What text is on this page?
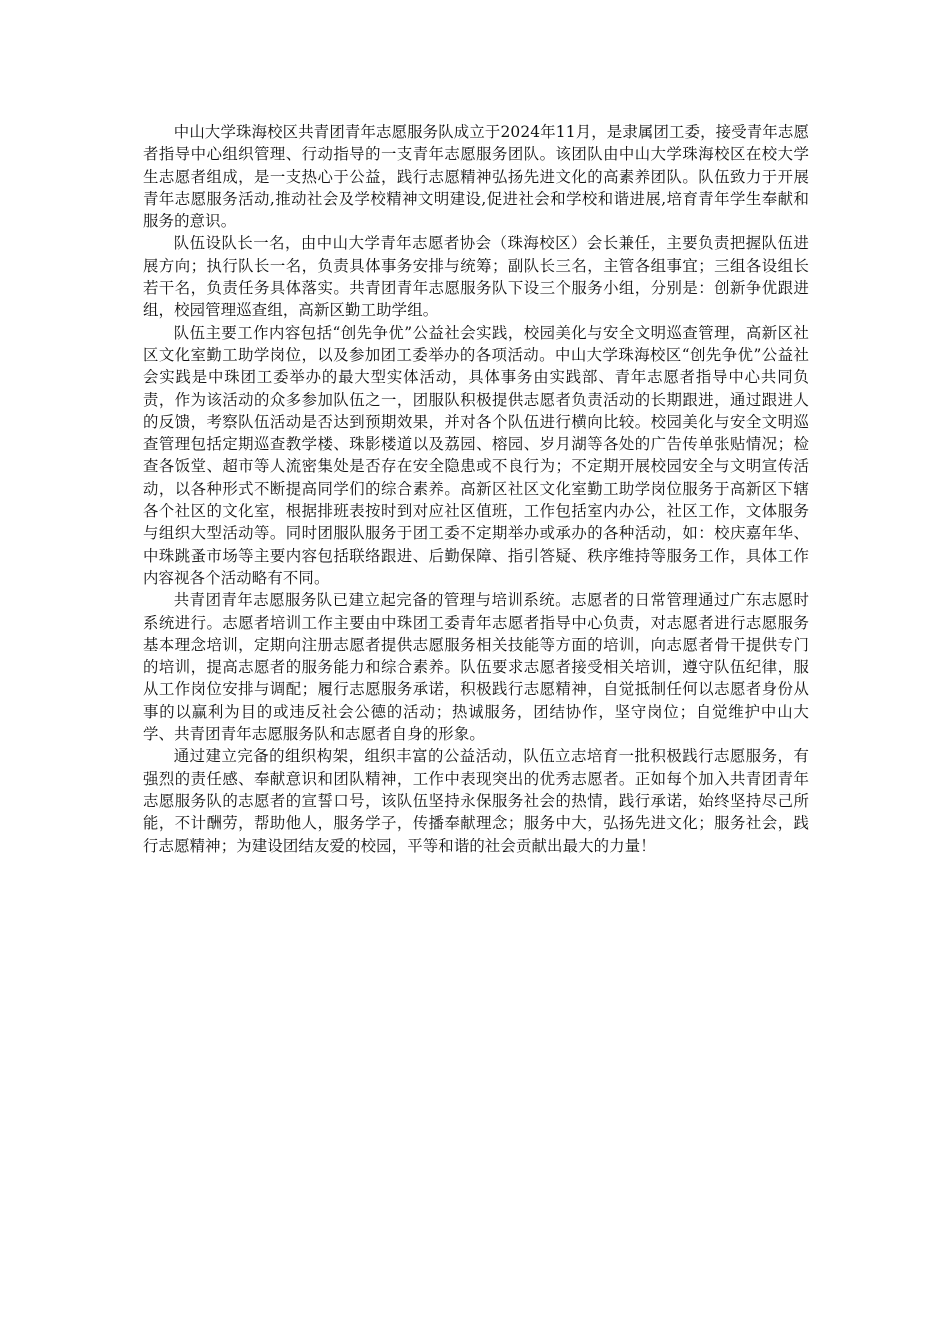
中山大学珠海校区共青团青年志愿服务队成立于2024年11月，是隶属团工委，接受青年志愿者指导中心组织管理、行动指导的一支青年志愿服务团队。该团队由中山大学珠海校区在校大学生志愿者组成，是一支热心于公益，践行志愿精神弘扬先进文化的高素养团队。队伍致力于开展青年志愿服务活动,推动社会及学校精神文明建设,促进社会和学校和谐进展,培育青年学生奉献和服务的意识。

队伍设队长一名，由中山大学青年志愿者协会（珠海校区）会长兼任，主要负责把握队伍进展方向；执行队长一名，负责具体事务安排与统筹；副队长三名，主管各组事宜；三组各设组长若干名，负责任务具体落实。共青团青年志愿服务队下设三个服务小组，分别是：创新争优跟进组，校园管理巡查组，高新区勤工助学组。

队伍主要工作内容包括“创先争优”公益社会实践，校园美化与安全文明巡查管理，高新区社区文化室勤工助学岗位，以及参加团工委举办的各项活动。中山大学珠海校区“创先争优”公益社会实践是中珠团工委举办的最大型实体活动，具体事务由实践部、青年志愿者指导中心共同负责，作为该活动的众多参加队伍之一，团服队积极提供志愿者负责活动的长期跟进，通过跟进人的反馈，考察队伍活动是否达到预期效果，并对各个队伍进行横向比较。校园美化与安全文明巡查管理包括定期巡查教学楼、珠影楼道以及荔园、榕园、岁月湖等各处的广告传单张贴情况；检查各饭堂、超市等人流密集处是否存在安全隐患或不良行为；不定期开展校园安全与文明宣传活动，以各种形式不断提高同学们的综合素养。高新区社区文化室勤工助学岗位服务于高新区下辖各个社区的文化室，根据排班表按时到对应社区值班，工作包括室内办公，社区工作，文体服务与组织大型活动等。同时团服队服务于团工委不定期举办或承办的各种活动，如：校庆嘉年华、中珠跳蚤市场等主要内容包括联络跟进、后勤保障、指引答疑、秩序维持等服务工作，具体工作内容视各个活动略有不同。

共青团青年志愿服务队已建立起完备的管理与培训系统。志愿者的日常管理通过广东志愿时系统进行。志愿者培训工作主要由中珠团工委青年志愿者指导中心负责，对志愿者进行志愿服务基本理念培训，定期向注册志愿者提供志愿服务相关技能等方面的培训，向志愿者骨干提供专门的培训，提高志愿者的服务能力和综合素养。队伍要求志愿者接受相关培训，遵守队伍纪律，服从工作岗位安排与调配；履行志愿服务承诺，积极践行志愿精神，自觉抵制任何以志愿者身份从事的以赢利为目的或违反社会公德的活动；热诚服务，团结协作，坚守岗位；自觉维护中山大学、共青团青年志愿服务队和志愿者自身的形象。

通过建立完备的组织构架，组织丰富的公益活动，队伍立志培育一批积极践行志愿服务，有强烈的责任感、奉献意识和团队精神，工作中表现突出的优秀志愿者。正如每个加入共青团青年志愿服务队的志愿者的宣誓口号，该队伍坚持永保服务社会的热情，践行承诺，始终坚持尽己所能，不计酬劳，帮助他人，服务学子，传播奉献理念；服务中大，弘扬先进文化；服务社会，践行志愿精神；为建设团结友爱的校园，平等和谐的社会贡献出最大的力量！
